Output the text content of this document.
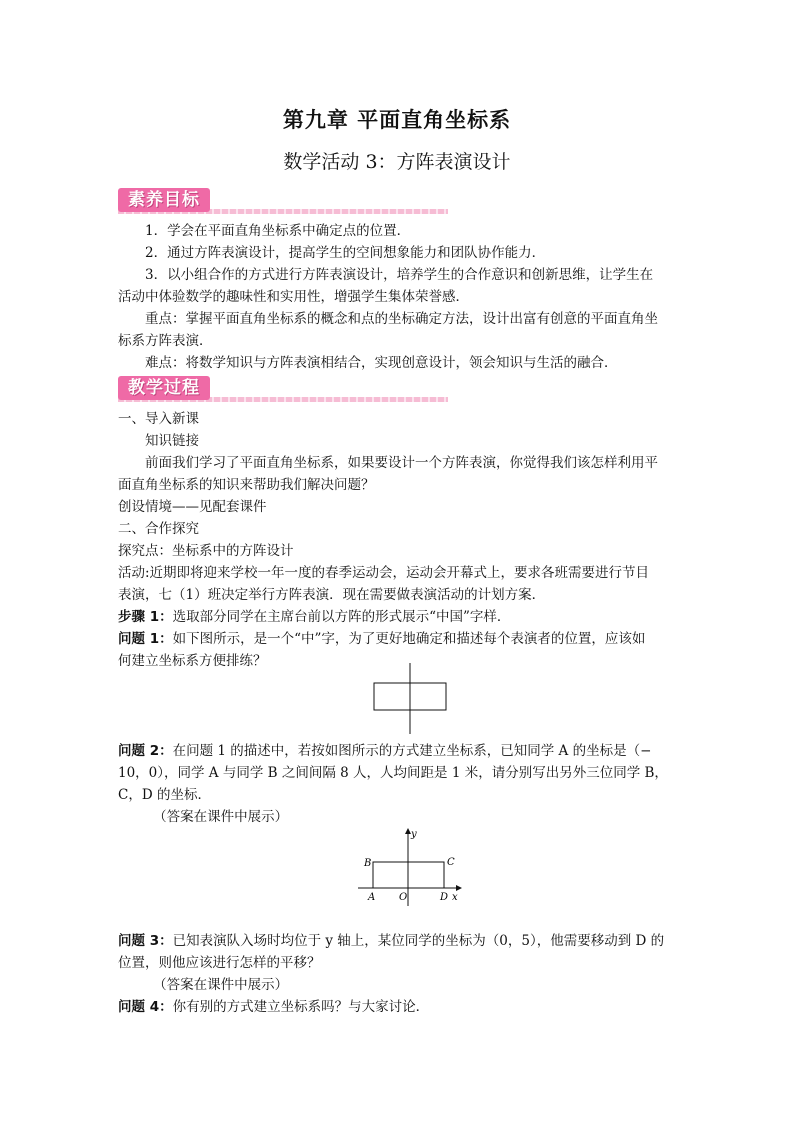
第九章 平面直角坐标系
数学活动 3：方阵表演设计
素养目标
1．学会在平面直角坐标系中确定点的位置．
2．通过方阵表演设计，提高学生的空间想象能力和团队协作能力．
3．以小组合作的方式进行方阵表演设计，培养学生的合作意识和创新思维，让学生在
活动中体验数学的趣味性和实用性，增强学生集体荣誉感．
重点：掌握平面直角坐标系的概念和点的坐标确定方法，设计出富有创意的平面直角坐
标系方阵表演．
难点：将数学知识与方阵表演相结合，实现创意设计，领会知识与生活的融合．
教学过程
一、导入新课
知识链接
前面我们学习了平面直角坐标系，如果要设计一个方阵表演，你觉得我们该怎样利用平
面直角坐标系的知识来帮助我们解决问题？
创设情境——见配套课件
二、合作探究
探究点：坐标系中的方阵设计
活动:近期即将迎来学校一年一度的春季运动会，运动会开幕式上，要求各班需要进行节目
表演，七（1）班决定举行方阵表演．现在需要做表演活动的计划方案．
步骤 1：选取部分同学在主席台前以方阵的形式展示“中国”字样．
问题 1：如下图所示，是一个“中”字，为了更好地确定和描述每个表演者的位置，应该如
何建立坐标系方便排练？
问题 2：在问题 1 的描述中，若按如图所示的方式建立坐标系，已知同学 A 的坐标是（−
10，0），同学 A 与同学 B 之间间隔 8 人，人均间距是 1 米，请分别写出另外三位同学 B，
C，D 的坐标．
（答案在课件中展示）
y
x
O
A
B	C
D
问题 3：已知表演队入场时均位于 y 轴上，某位同学的坐标为（0，5），他需要移动到 D 的
位置，则他应该进行怎样的平移？
（答案在课件中展示）
问题 4：你有别的方式建立坐标系吗？与大家讨论．
